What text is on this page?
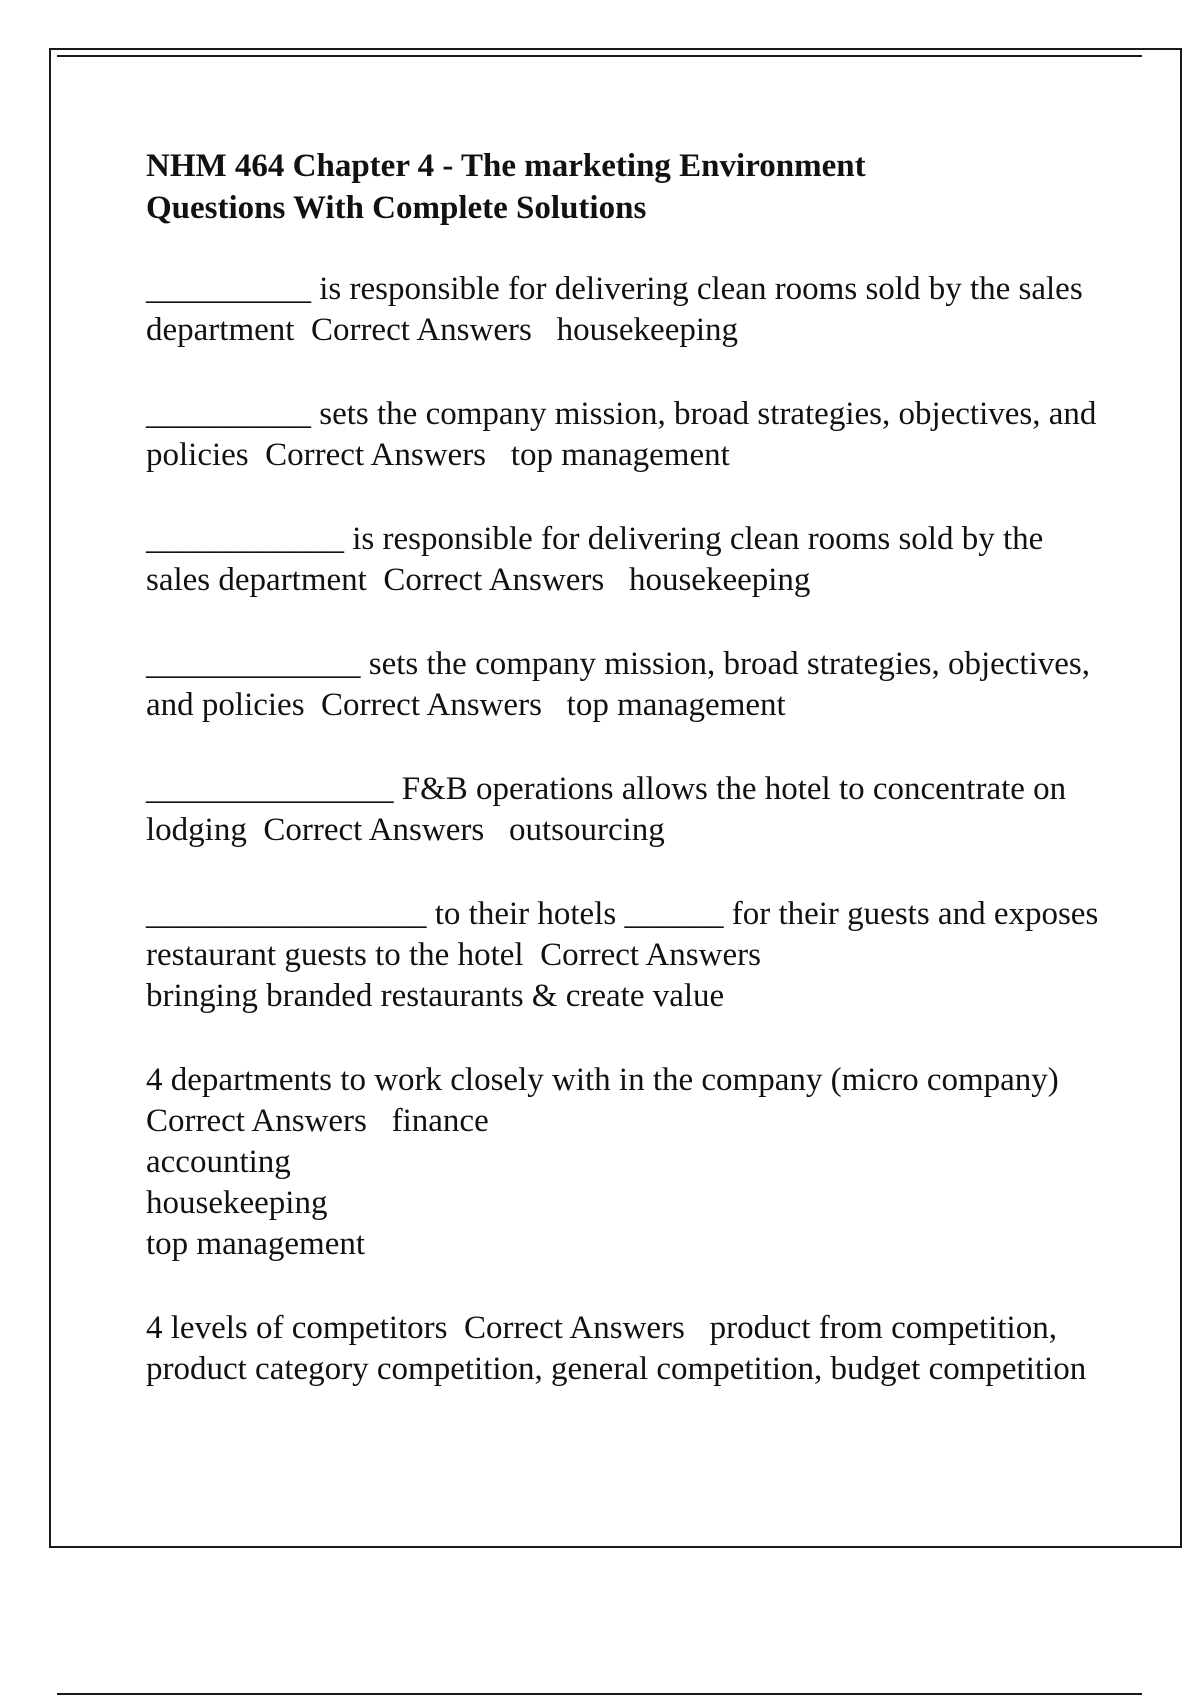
NHM 464 Chapter 4 - The marketing Environment
Questions With Complete Solutions

__________ is responsible for delivering clean rooms sold by the sales department Correct Answers housekeeping

__________ sets the company mission, broad strategies, objectives, and policies Correct Answers top management

____________ is responsible for delivering clean rooms sold by the sales department Correct Answers housekeeping

_____________ sets the company mission, broad strategies, objectives, and policies Correct Answers top management

_______________ F&B operations allows the hotel to concentrate on lodging Correct Answers outsourcing

_________________ to their hotels ______ for their guests and exposes restaurant guests to the hotel Correct Answers
bringing branded restaurants & create value

4 departments to work closely with in the company (micro company)  Correct Answers finance
accounting
housekeeping
top management

4 levels of competitors Correct Answers product from competition, product category competition, general competition, budget competition
